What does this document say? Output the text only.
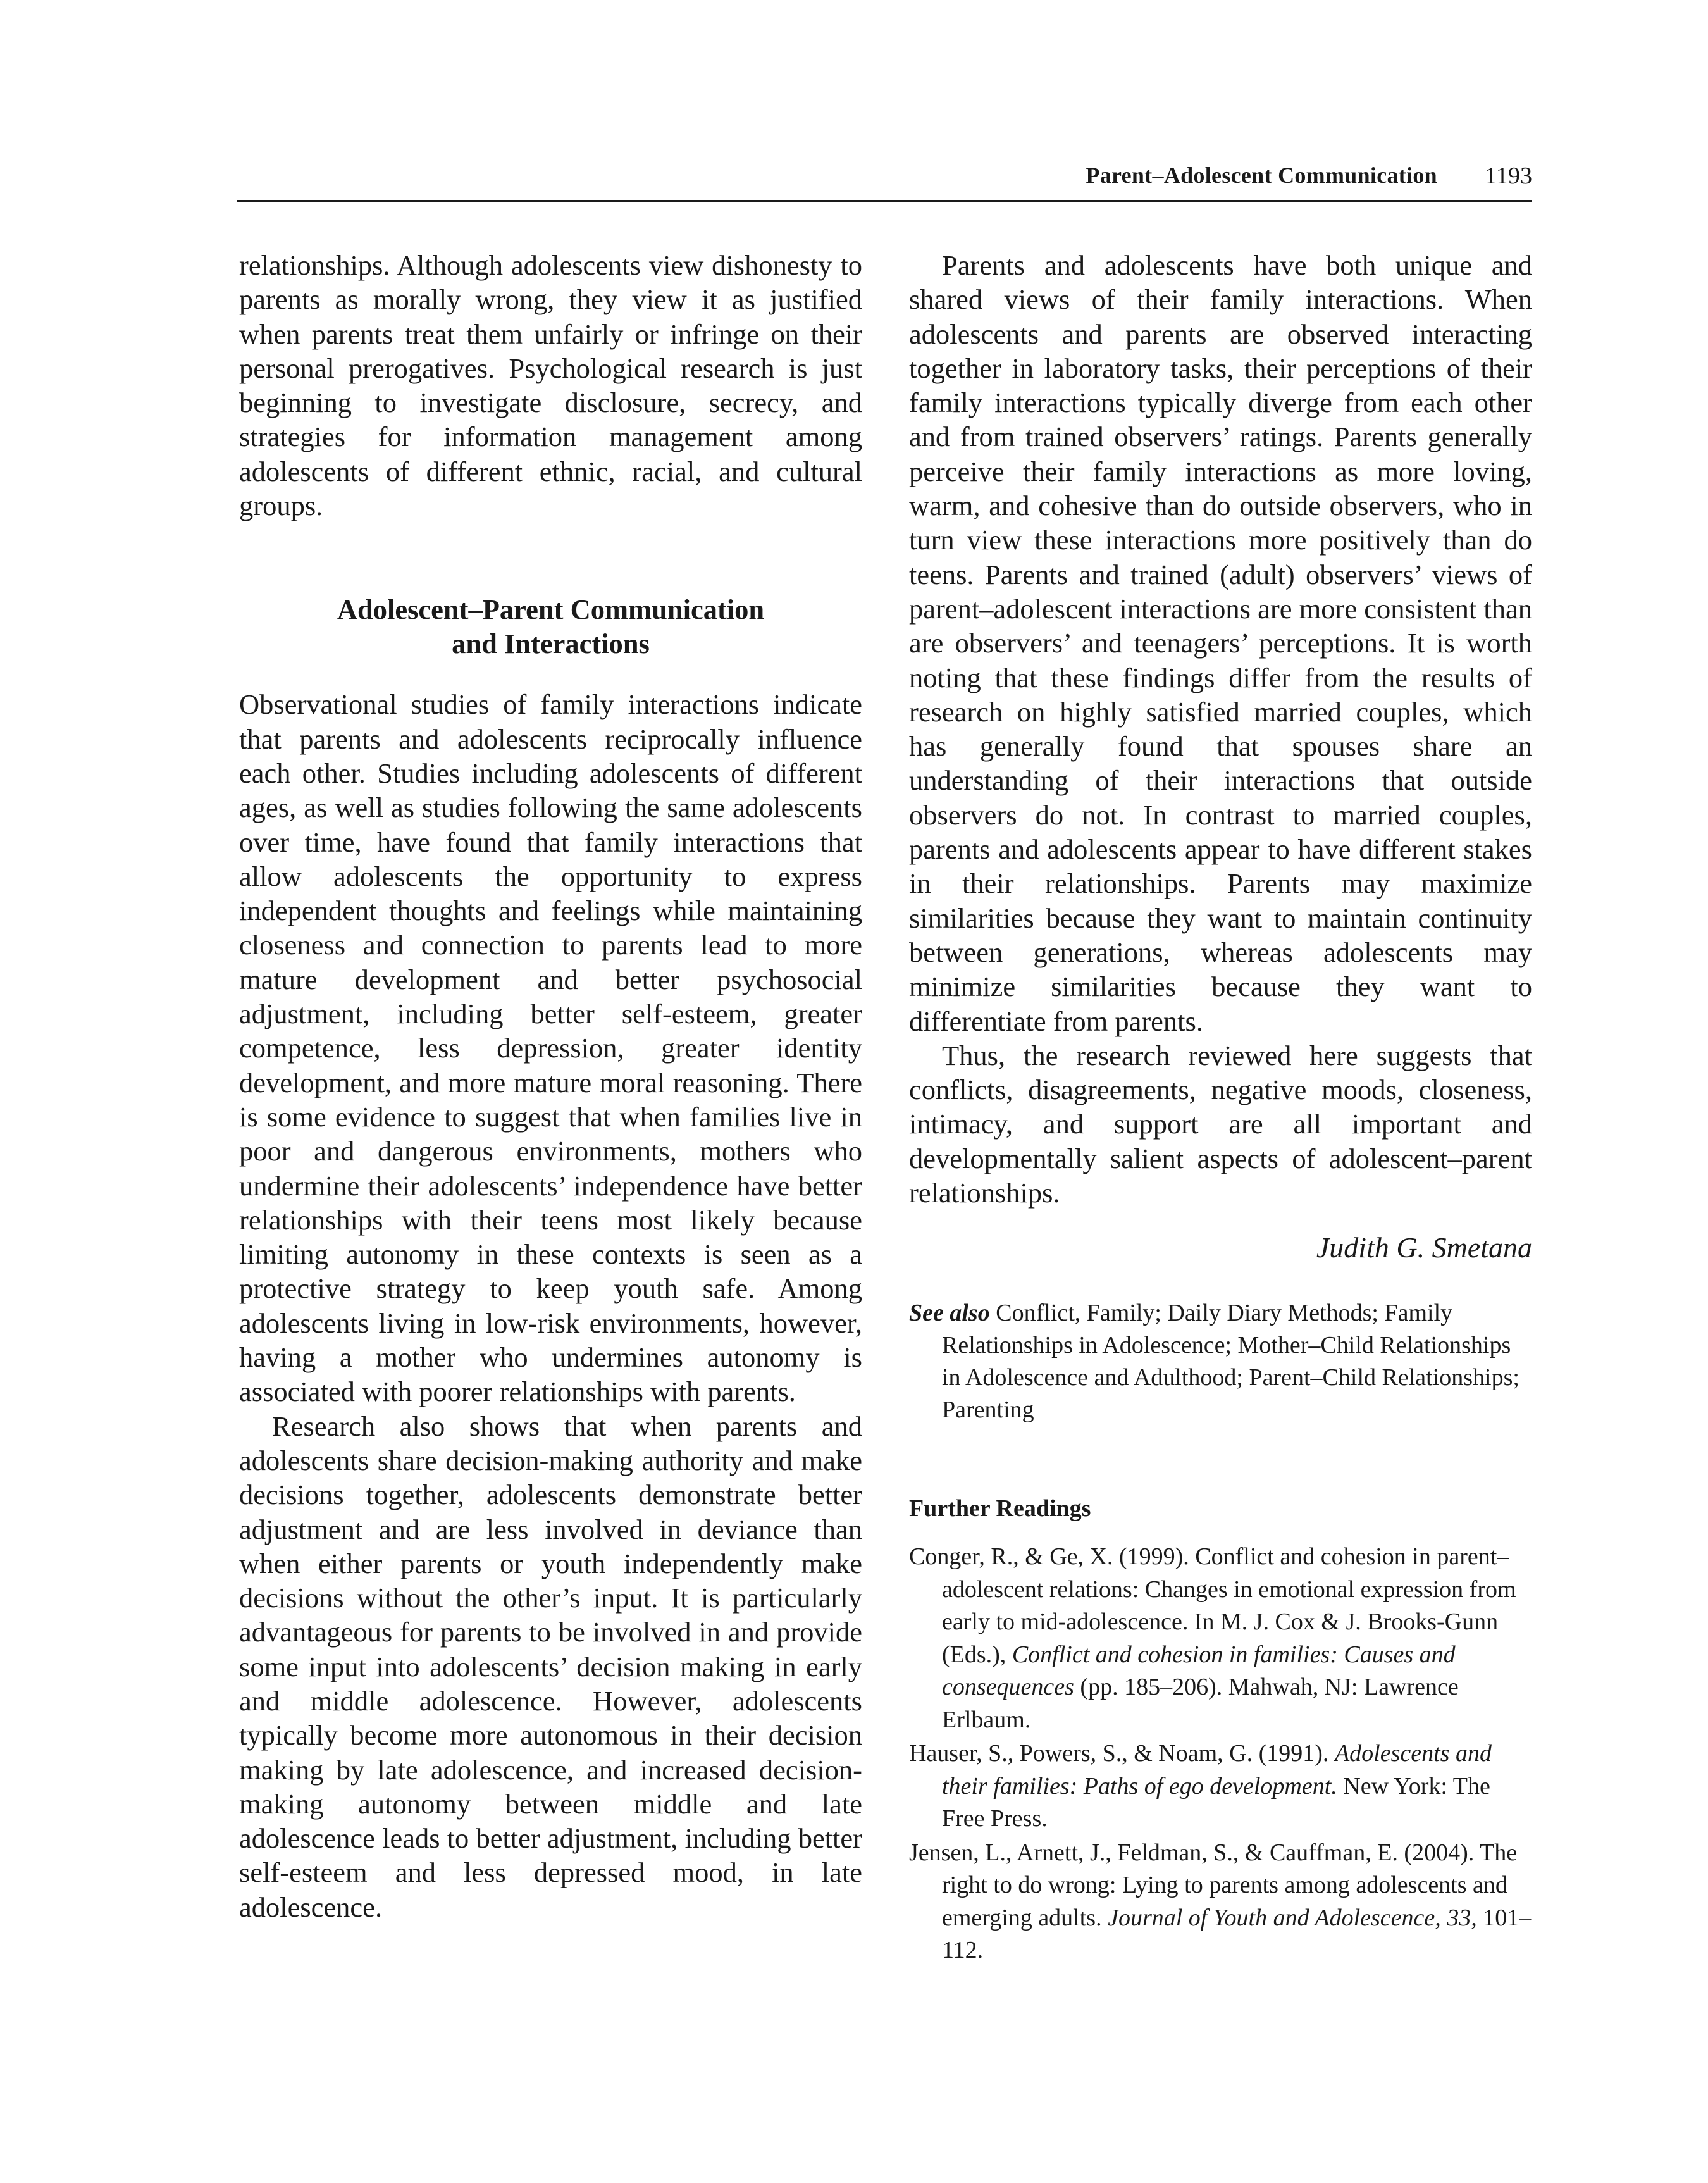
Parent–Adolescent Communication 1193

relationships. Although adolescents view dishonesty to parents as morally wrong, they view it as justified when parents treat them unfairly or infringe on their personal prerogatives. Psychological research is just beginning to investigate disclosure, secrecy, and strategies for information management among adolescents of different ethnic, racial, and cultural groups.

Adolescent–Parent Communication
and Interactions

Observational studies of family interactions indicate that parents and adolescents reciprocally influence each other. Studies including adolescents of different ages, as well as studies following the same adolescents over time, have found that family interactions that allow adolescents the opportunity to express independent thoughts and feelings while maintaining closeness and connection to parents lead to more mature development and better psychosocial adjustment, including better self-esteem, greater competence, less depression, greater identity development, and more mature moral reasoning. There is some evidence to suggest that when families live in poor and dangerous environments, mothers who undermine their adolescents’ independence have better relationships with their teens most likely because limiting autonomy in these contexts is seen as a protective strategy to keep youth safe. Among adolescents living in low-risk environments, however, having a mother who undermines autonomy is associated with poorer relationships with parents.

Research also shows that when parents and adolescents share decision-making authority and make decisions together, adolescents demonstrate better adjustment and are less involved in deviance than when either parents or youth independently make decisions without the other’s input. It is particularly advantageous for parents to be involved in and provide some input into adolescents’ decision making in early and middle adolescence. However, adolescents typically become more autonomous in their decision making by late adolescence, and increased decision-making autonomy between middle and late adolescence leads to better adjustment, including better self-esteem and less depressed mood, in late adolescence.

Parents and adolescents have both unique and shared views of their family interactions. When adolescents and parents are observed interacting together in laboratory tasks, their perceptions of their family interactions typically diverge from each other and from trained observers’ ratings. Parents generally perceive their family interactions as more loving, warm, and cohesive than do outside observers, who in turn view these interactions more positively than do teens. Parents and trained (adult) observers’ views of parent–adolescent interactions are more consistent than are observers’ and teenagers’ perceptions. It is worth noting that these findings differ from the results of research on highly satisfied married couples, which has generally found that spouses share an understanding of their interactions that outside observers do not. In contrast to married couples, parents and adolescents appear to have different stakes in their relationships. Parents may maximize similarities because they want to maintain continuity between generations, whereas adolescents may minimize similarities because they want to differentiate from parents.

Thus, the research reviewed here suggests that conflicts, disagreements, negative moods, closeness, intimacy, and support are all important and developmentally salient aspects of adolescent–parent relationships.

Judith G. Smetana
See also Conflict, Family; Daily Diary Methods; Family Relationships in Adolescence; Mother–Child Relationships in Adolescence and Adulthood; Parent–Child Relationships; Parenting
Further Readings
Conger, R., & Ge, X. (1999). Conflict and cohesion in parent–adolescent relations: Changes in emotional expression from early to mid-adolescence. In M. J. Cox & J. Brooks-Gunn (Eds.), Conflict and cohesion in families: Causes and consequences (pp. 185–206). Mahwah, NJ: Lawrence Erlbaum.
Hauser, S., Powers, S., & Noam, G. (1991). Adolescents and their families: Paths of ego development. New York: The Free Press.
Jensen, L., Arnett, J., Feldman, S., & Cauffman, E. (2004). The right to do wrong: Lying to parents among adolescents and emerging adults. Journal of Youth and Adolescence, 33, 101–112.
